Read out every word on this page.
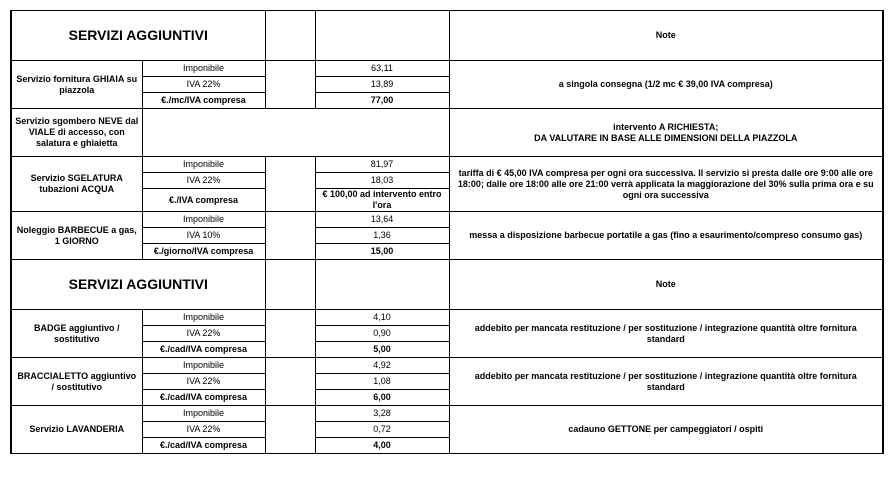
SERVIZI AGGIUNTIVI				Note
Servizio fornitura GHIAIA su piazzola	Imponibile		63,11	a singola consegna (1/2 mc € 39,00 IVA compresa)
	IVA 22%		13,89	
	€./mc/IVA compresa		77,00	
Servizio sgombero NEVE dal VIALE di accesso, con salatura e ghiaietta				intervento A RICHIESTA;
DA VALUTARE IN BASE ALLE DIMENSIONI DELLA PIAZZOLA

Servizio SGELATURA tubazioni ACQUA	Imponibile		81,97	tariffa di € 45,00 IVA compresa per ogni ora successiva. Il servizio si presta dalle ore 9:00 alle ore 18:00; dalle ore 18:00 alle ore 21:00 verrà applicata la maggiorazione del 30% sulla prima ora e su ogni ora successiva
	IVA 22%		18,03	
	€./IVA compresa		€ 100,00 ad intervento entro l'ora	
Noleggio BARBECUE a gas, 1 GIORNO	Imponibile		13,64	messa a disposizione barbecue portatile a gas (fino a esaurimento/compreso consumo gas)
	IVA 10%		1,36	
	€./giorno/IVA compresa		15,00	
SERVIZI AGGIUNTIVI				Note
BADGE aggiuntivo / sostitutivo	Imponibile		4,10	addebito per mancata restituzione / per sostituzione / integrazione quantità oltre fornitura standard
	IVA 22%		0,90	
	€./cad/IVA compresa		5,00	
BRACCIALETTO aggiuntivo / sostitutivo	Imponibile		4,92	addebito per mancata restituzione / per sostituzione / integrazione quantità oltre fornitura standard
	IVA 22%		1,08	
	€./cad/IVA compresa		6,00	
Servizio LAVANDERIA	Imponibile		3,28	cadauno GETTONE per campeggiatori / ospiti
	IVA 22%		0,72	
	€./cad/IVA compresa		4,00	
